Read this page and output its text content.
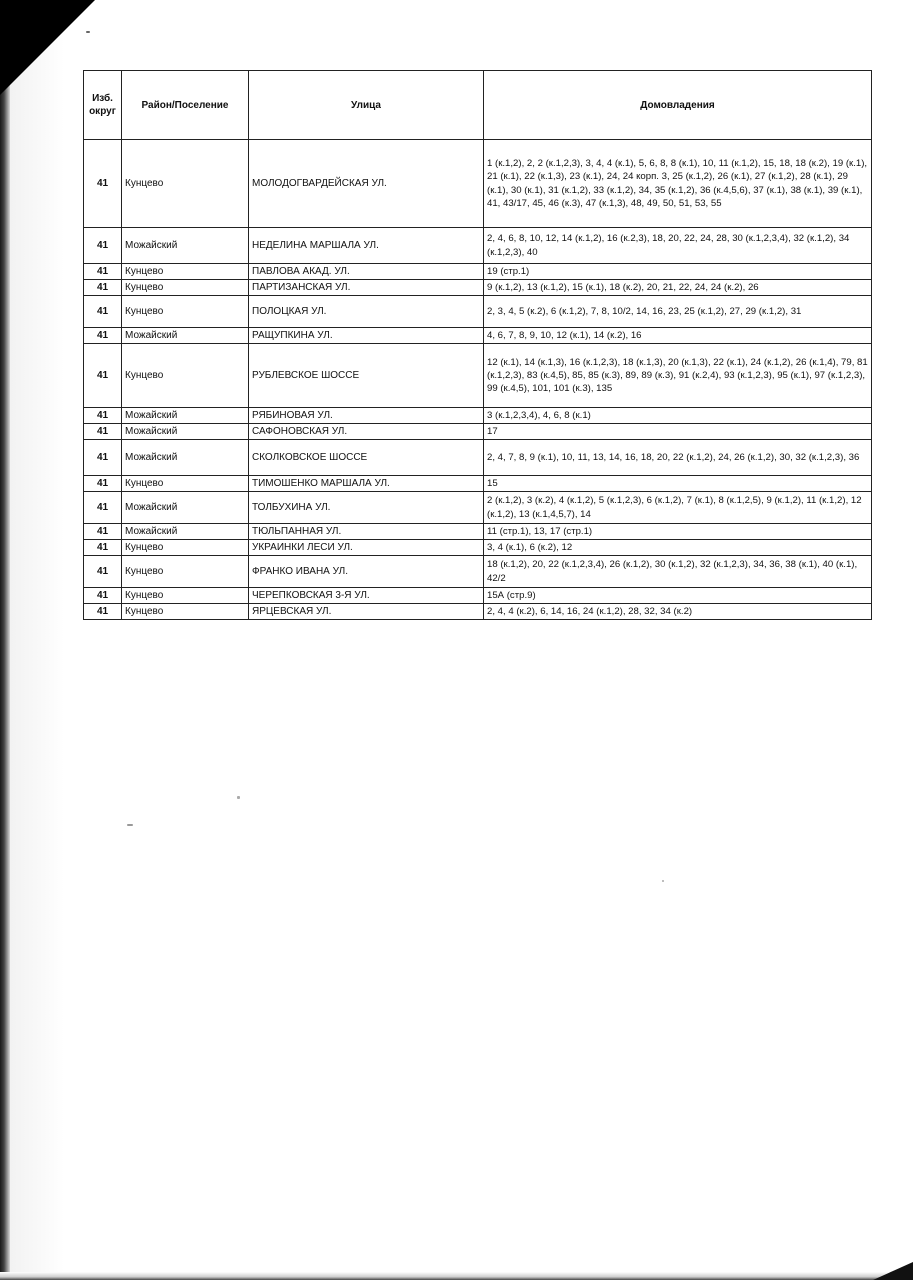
Изб. округ	Район/Поселение	Улица	Домовладения
41	Кунцево	МОЛОДОГВАРДЕЙСКАЯ УЛ.	1 (к.1,2), 2, 2 (к.1,2,3), 3, 4, 4 (к.1), 5, 6, 8, 8 (к.1), 10, 11 (к.1,2), 15, 18, 18 (к.2), 19 (к.1), 21 (к.1), 22 (к.1,3), 23 (к.1), 24, 24 корп. 3, 25 (к.1,2), 26 (к.1), 27 (к.1,2), 28 (к.1), 29 (к.1), 30 (к.1), 31 (к.1,2), 33 (к.1,2), 34, 35 (к.1,2), 36 (к.4,5,6), 37 (к.1), 38 (к.1), 39 (к.1), 41, 43/17, 45, 46 (к.3), 47 (к.1,3), 48, 49, 50, 51, 53, 55
41	Можайский	НЕДЕЛИНА МАРШАЛА УЛ.	2, 4, 6, 8, 10, 12, 14 (к.1,2), 16 (к.2,3), 18, 20, 22, 24, 28, 30 (к.1,2,3,4), 32 (к.1,2), 34 (к.1,2,3), 40
41	Кунцево	ПАВЛОВА АКАД. УЛ.	19 (стр.1)
41	Кунцево	ПАРТИЗАНСКАЯ УЛ.	9 (к.1,2), 13 (к.1,2), 15 (к.1), 18 (к.2), 20, 21, 22, 24, 24 (к.2), 26
41	Кунцево	ПОЛОЦКАЯ УЛ.	2, 3, 4, 5 (к.2), 6 (к.1,2), 7, 8, 10/2, 14, 16, 23, 25 (к.1,2), 27, 29 (к.1,2), 31
41	Можайский	РАЩУПКИНА УЛ.	4, 6, 7, 8, 9, 10, 12 (к.1), 14 (к.2), 16
41	Кунцево	РУБЛЕВСКОЕ ШОССЕ	12 (к.1), 14 (к.1,3), 16 (к.1,2,3), 18 (к.1,3), 20 (к.1,3), 22 (к.1), 24 (к.1,2), 26 (к.1,4), 79, 81 (к.1,2,3), 83 (к.4,5), 85, 85 (к.3), 89, 89 (к.3), 91 (к.2,4), 93 (к.1,2,3), 95 (к.1), 97 (к.1,2,3), 99 (к.4,5), 101, 101 (к.3), 135
41	Можайский	РЯБИНОВАЯ УЛ.	3 (к.1,2,3,4), 4, 6, 8 (к.1)
41	Можайский	САФОНОВСКАЯ УЛ.	17
41	Можайский	СКОЛКОВСКОЕ ШОССЕ	2, 4, 7, 8, 9 (к.1), 10, 11, 13, 14, 16, 18, 20, 22 (к.1,2), 24, 26 (к.1,2), 30, 32 (к.1,2,3), 36
41	Кунцево	ТИМОШЕНКО МАРШАЛА УЛ.	15
41	Можайский	ТОЛБУХИНА УЛ.	2 (к.1,2), 3 (к.2), 4 (к.1,2), 5 (к.1,2,3), 6 (к.1,2), 7 (к.1), 8 (к.1,2,5), 9 (к.1,2), 11 (к.1,2), 12 (к.1,2), 13 (к.1,4,5,7), 14
41	Можайский	ТЮЛЬПАННАЯ УЛ.	11 (стр.1), 13, 17 (стр.1)
41	Кунцево	УКРАИНКИ ЛЕСИ УЛ.	3, 4 (к.1), 6 (к.2), 12
41	Кунцево	ФРАНКО ИВАНА УЛ.	18 (к.1,2), 20, 22 (к.1,2,3,4), 26 (к.1,2), 30 (к.1,2), 32 (к.1,2,3), 34, 36, 38 (к.1), 40 (к.1), 42/2
41	Кунцево	ЧЕРЕПКОВСКАЯ 3-Я УЛ.	15А (стр.9)
41	Кунцево	ЯРЦЕВСКАЯ УЛ.	2, 4, 4 (к.2), 6, 14, 16, 24 (к.1,2), 28, 32, 34 (к.2)
